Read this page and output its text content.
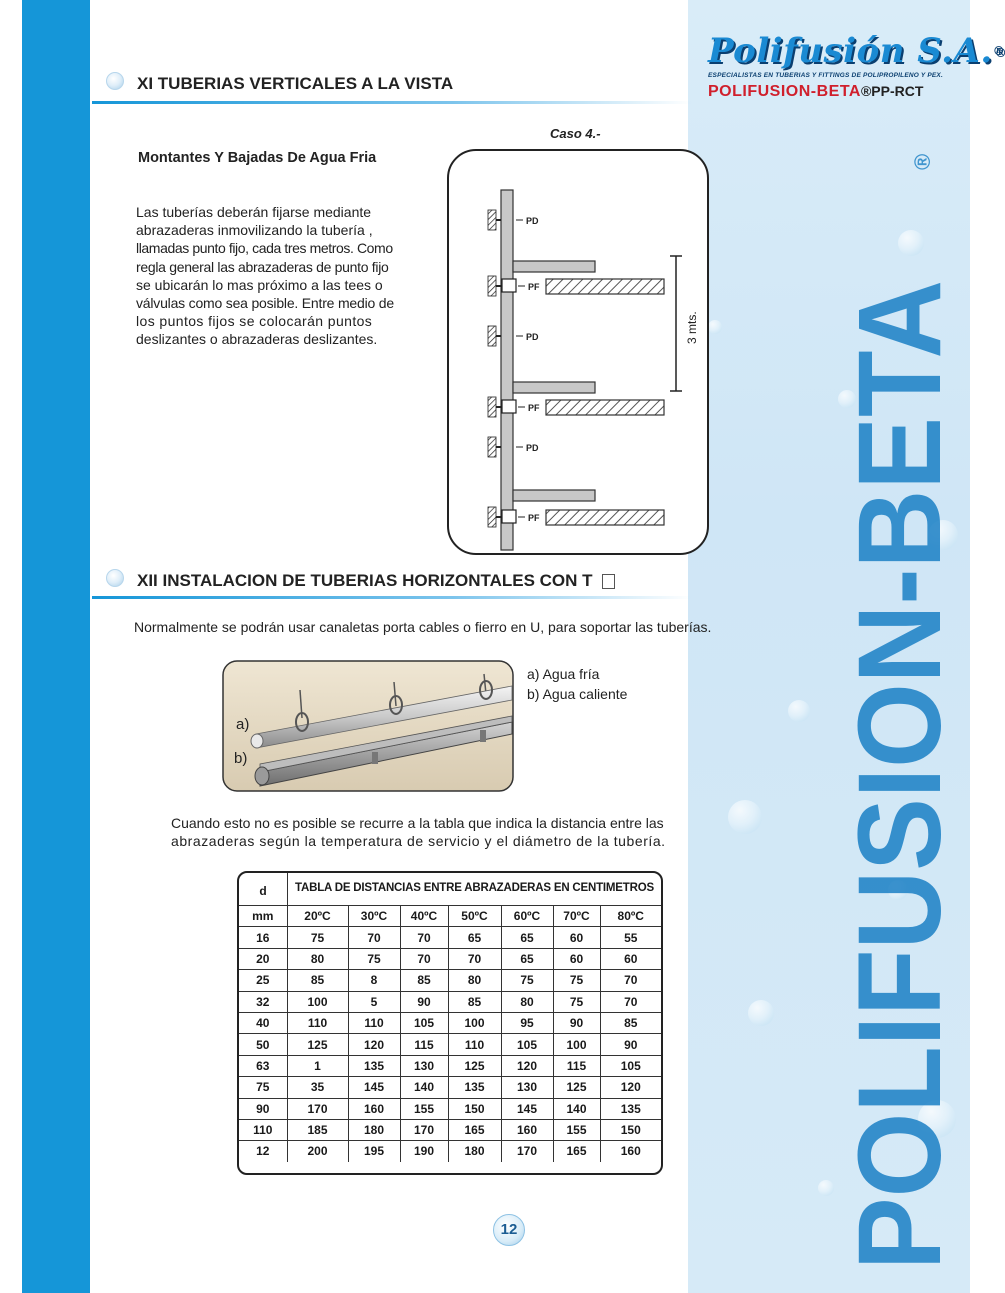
POLIFUSION-BETA
®
Polifusión S.A.®
ESPECIALISTAS EN TUBERIAS Y FITTINGS DE POLIPROPILENO Y PEX.
POLIFUSION-BETA®PP-RCT
XI TUBERIAS VERTICALES A LA VISTA
Montantes Y Bajadas De Agua Fria
Las tuberías deberán fijarse mediante
abrazaderas inmovilizando la tubería ,
llamadas punto fijo, cada tres metros. Como
regla general las abrazaderas de punto fijo
se ubicarán lo mas próximo a las tees o
válvulas como sea posible. Entre medio de
los puntos fijos se colocarán puntos
deslizantes o abrazaderas deslizantes.
Caso 4.-
3 mts.
PD
PF
PD
PF
PD
PF
XII INSTALACION DE TUBERIAS HORIZONTALES CON T
Normalmente se podrán usar canaletas porta cables o fierro en U, para soportar las tuberías.
a)
b)
a) Agua fría
b) Agua caliente
Cuando esto no es posible se recurre a la tabla que indica la distancia entre las
abrazaderas según la temperatura de servicio y el diámetro de la tubería.
d	TABLA DE DISTANCIAS ENTRE ABRAZADERAS EN CENTIMETROS
mm	20ºC	30ºC	40ºC	50ºC	60ºC	70ºC	80ºC
16	75	70	70	65	65	60	55
20	80	75	70	70	65	60	60
25	85	8	85	80	75	75	70
32	100	5	90	85	80	75	70
40	110	110	105	100	95	90	85
50	125	120	115	110	105	100	90
63	1	135	130	125	120	115	105
75	35	145	140	135	130	125	120
90	170	160	155	150	145	140	135
110	185	180	170	165	160	155	150
12	200	195	190	180	170	165	160
12
